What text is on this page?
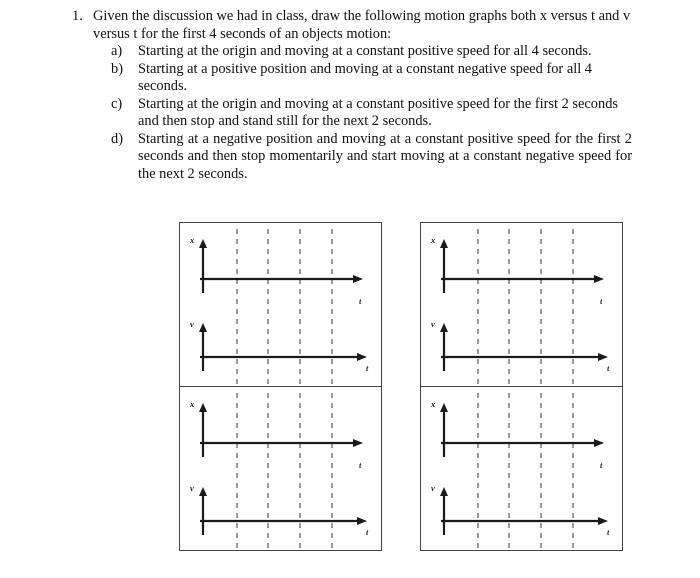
1. Given the discussion we had in class, draw the following motion graphs both x versus t and v versus t for the first 4 seconds of an objects motion:
a)	Starting at the origin and moving at a constant positive speed for all 4 seconds.
b)	Starting at a positive position and moving at a constant negative speed for all 4 seconds.
c)	Starting at the origin and moving at a constant positive speed for the first 2 seconds and then stop and stand still for the next 2 seconds.
d)	Starting at a negative position and moving at a constant positive speed for the first 2 seconds and then stop momentarily and start moving at a constant negative speed for the next 2 seconds.
x
t
v
t
x
t
v
t
x
t
v
t
x
t
v
t
